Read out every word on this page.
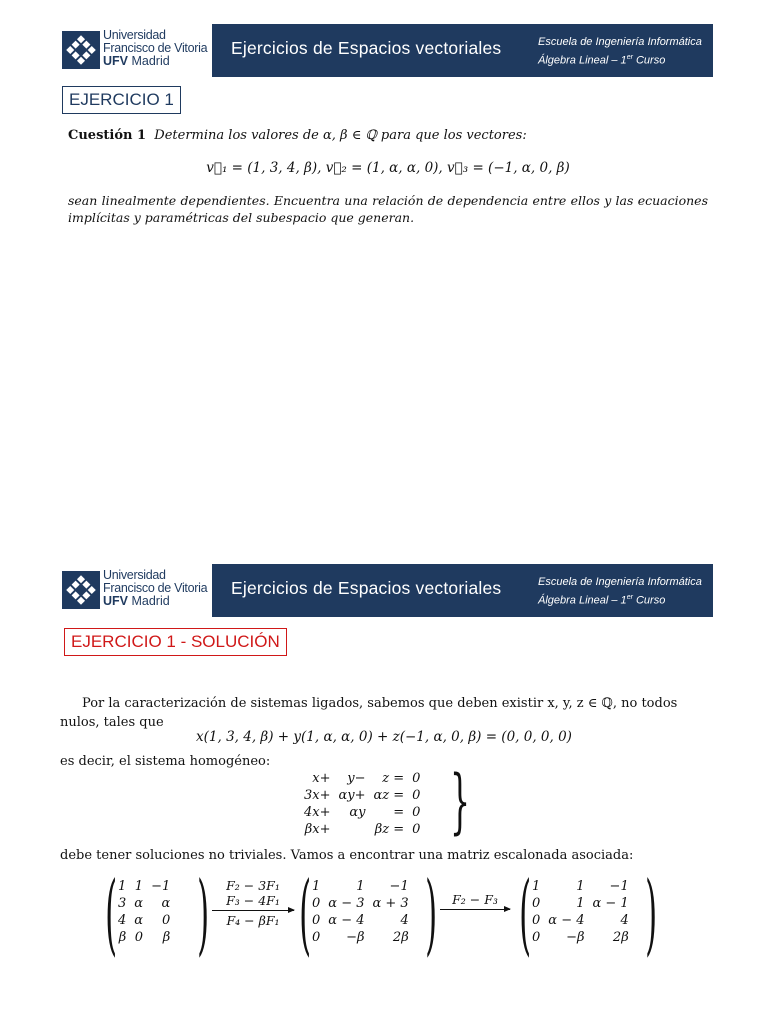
Universidad
Francisco de Vitoria
UFV Madrid
Ejercicios de Espacios vectoriales	Escuela de Ingeniería Informática
Álgebra Lineal – 1er Curso
EJERCICIO 1
Cuestión 1 Determina los valores de α, β ∈ ℚ para que los vectores:
v⃗₁ = (1, 3, 4, β), v⃗₂ = (1, α, α, 0), v⃗₃ = (−1, α, 0, β)
sean linealmente dependientes. Encuentra una relación de dependencia entre ellos y las ecuaciones implícitas y paramétricas del subespacio que generan.
Universidad
Francisco de Vitoria
UFV Madrid
Ejercicios de Espacios vectoriales	Escuela de Ingeniería Informática
Álgebra Lineal – 1er Curso
EJERCICIO 1 - SOLUCIÓN
Por la caracterización de sistemas ligados, sabemos que deben existir x, y, z ∈ ℚ, no todos nulos, tales que
x(1, 3, 4, β) + y(1, α, α, 0) + z(−1, α, 0, β) = (0, 0, 0, 0)
es decir, el sistema homogéneo:
x+	y−	z =	0
3x+	αy+	αz =	0
4x+	αy	=	0
βx+		βz =	0 }
debe tener soluciones no triviales. Vamos a encontrar una matriz escalonada asociada:
( 1	1	−1
3	α	α
4	α	0
β	0	β )	F₂ − 3F₁
F₃ − 4F₁
F₄ − βF₁ ( 1	1	−1
0	α − 3	α + 3
0	α − 4	4
0	−β	2β )	F₂ − F₃ ( 1	1	−1
0	1	α − 1
0	α − 4	4
0	−β	2β )
